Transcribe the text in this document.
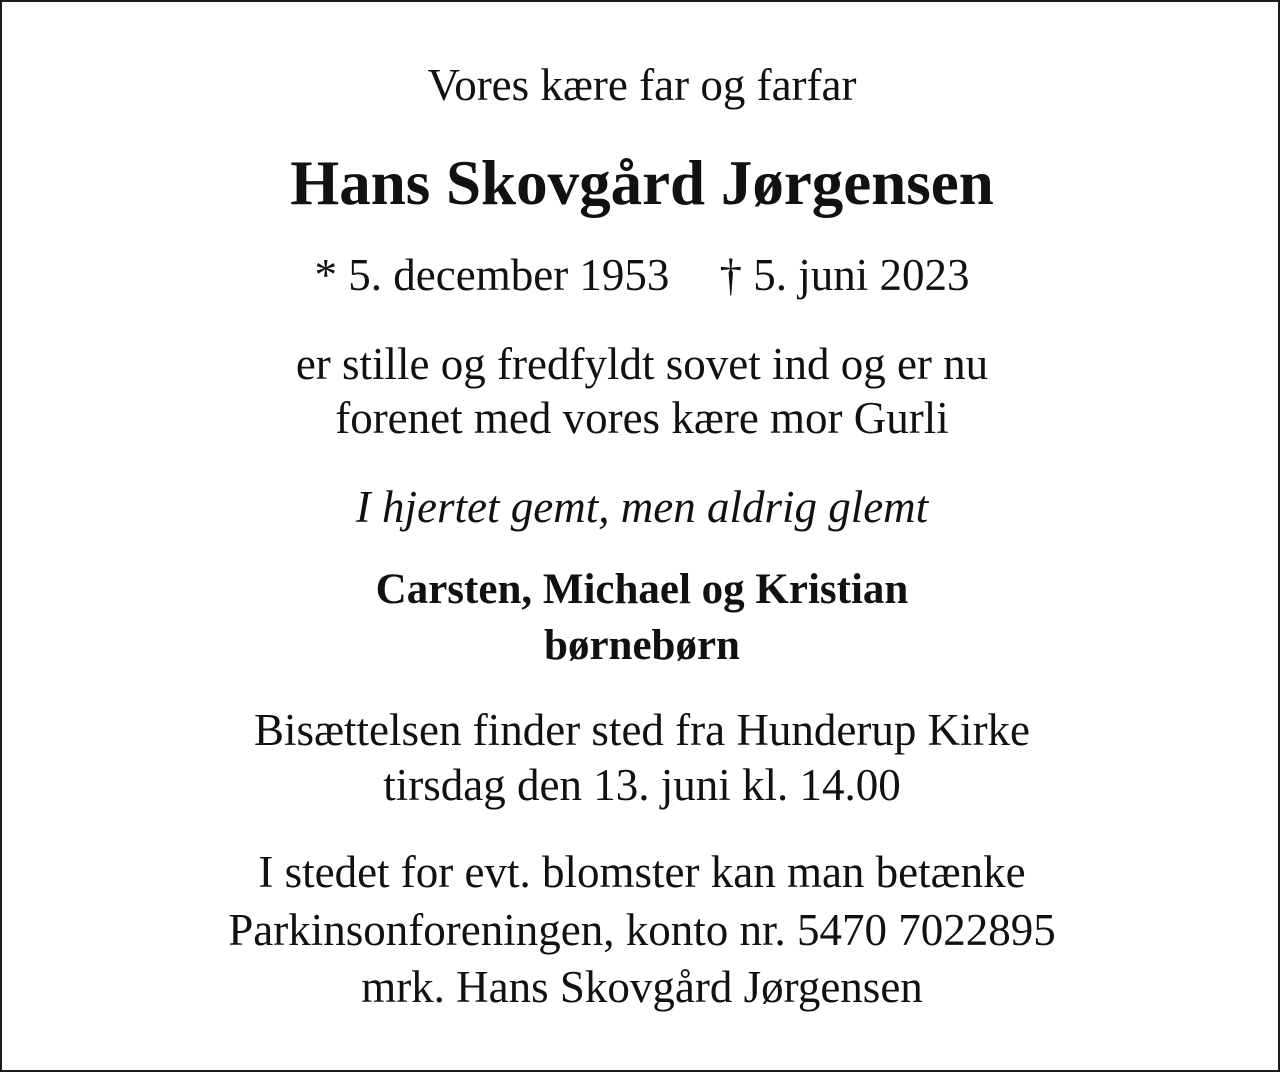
Vores kære far og farfar
Hans Skovgård Jørgensen
* 5. december 1953 † 5. juni 2023
er stille og fredfyldt sovet ind og er nu
forenet med vores kære mor Gurli
I hjertet gemt, men aldrig glemt
Carsten, Michael og Kristian
børnebørn
Bisættelsen finder sted fra Hunderup Kirke
tirsdag den 13. juni kl. 14.00
I stedet for evt. blomster kan man betænke
Parkinsonforeningen, konto nr. 5470 7022895
mrk. Hans Skovgård Jørgensen
